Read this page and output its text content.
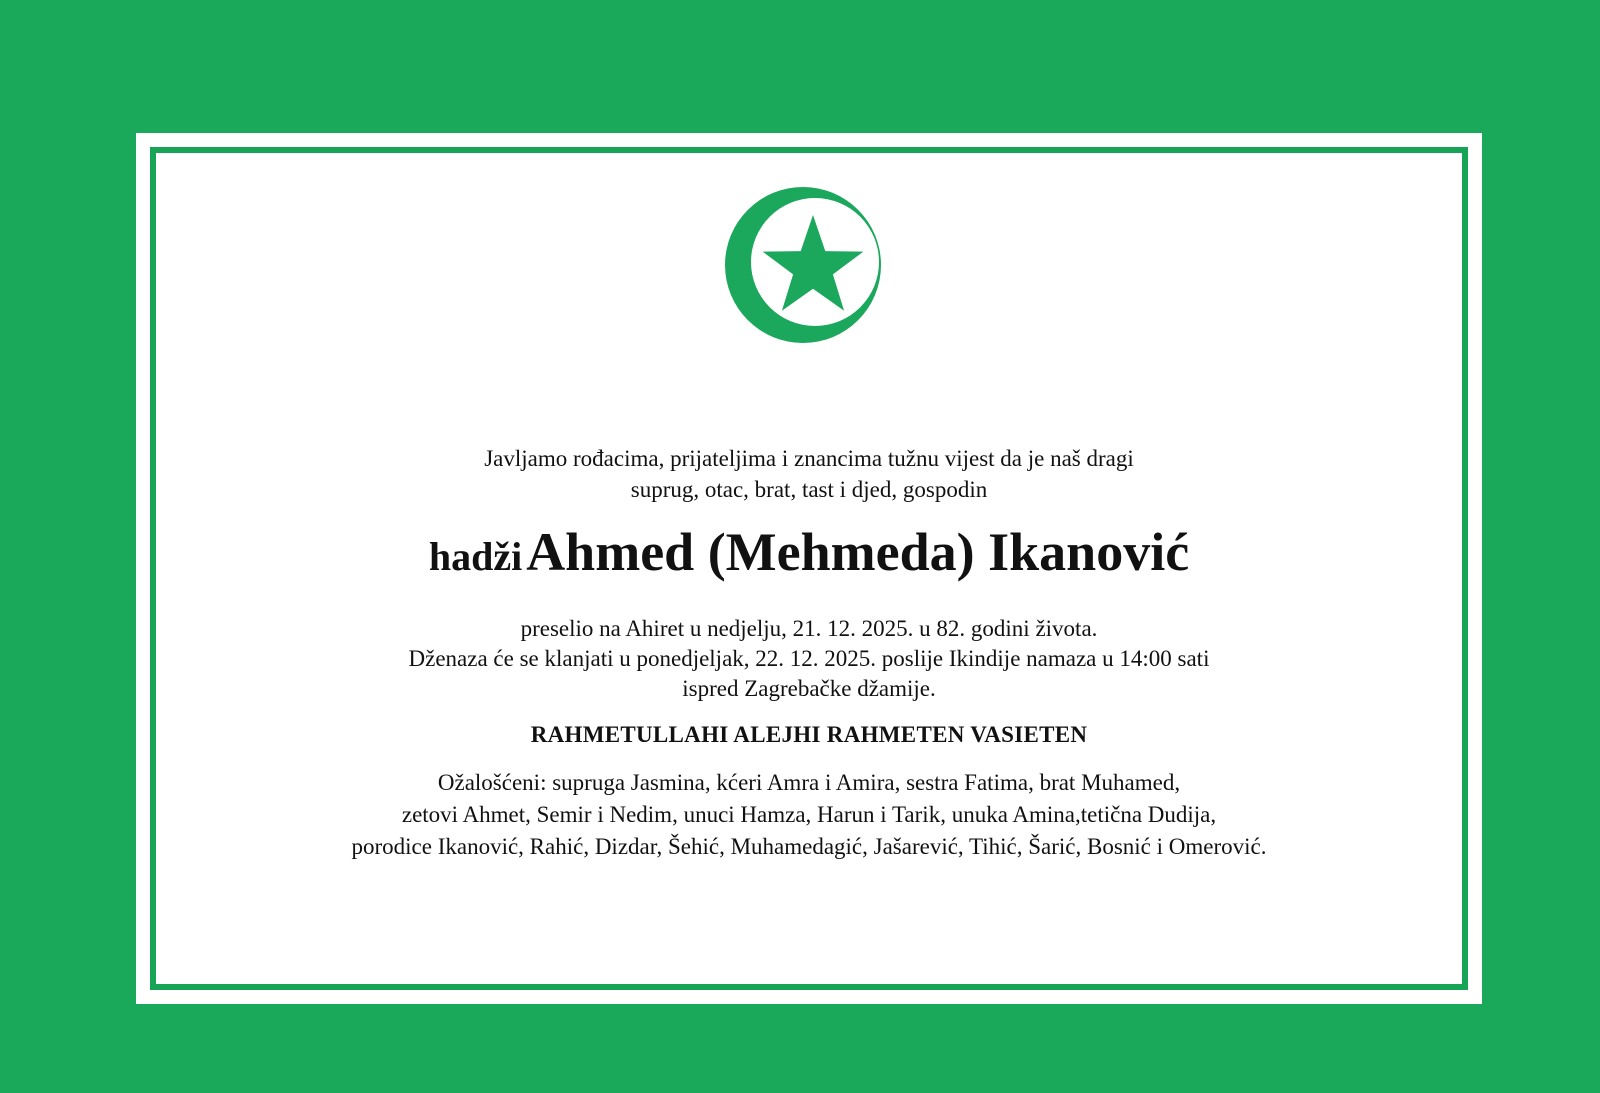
Javljamo rođacima, prijateljima i znancima tužnu vijest da je naš dragi
suprug, otac, brat, tast i djed, gospodin
hadži Ahmed (Mehmeda) Ikanović
preselio na Ahiret u nedjelju, 21. 12. 2025. u 82. godini života.
Dženaza će se klanjati u ponedjeljak, 22. 12. 2025. poslije Ikindije namaza u 14:00 sati
ispred Zagrebačke džamije.
RAHMETULLAHI ALEJHI RAHMETEN VASIETEN
Ožalošćeni: supruga Jasmina, kćeri Amra i Amira, sestra Fatima, brat Muhamed,
zetovi Ahmet, Semir i Nedim, unuci Hamza, Harun i Tarik, unuka Amina,tetična Dudija,
porodice Ikanović, Rahić, Dizdar, Šehić, Muhamedagić, Jašarević, Tihić, Šarić, Bosnić i Omerović.
